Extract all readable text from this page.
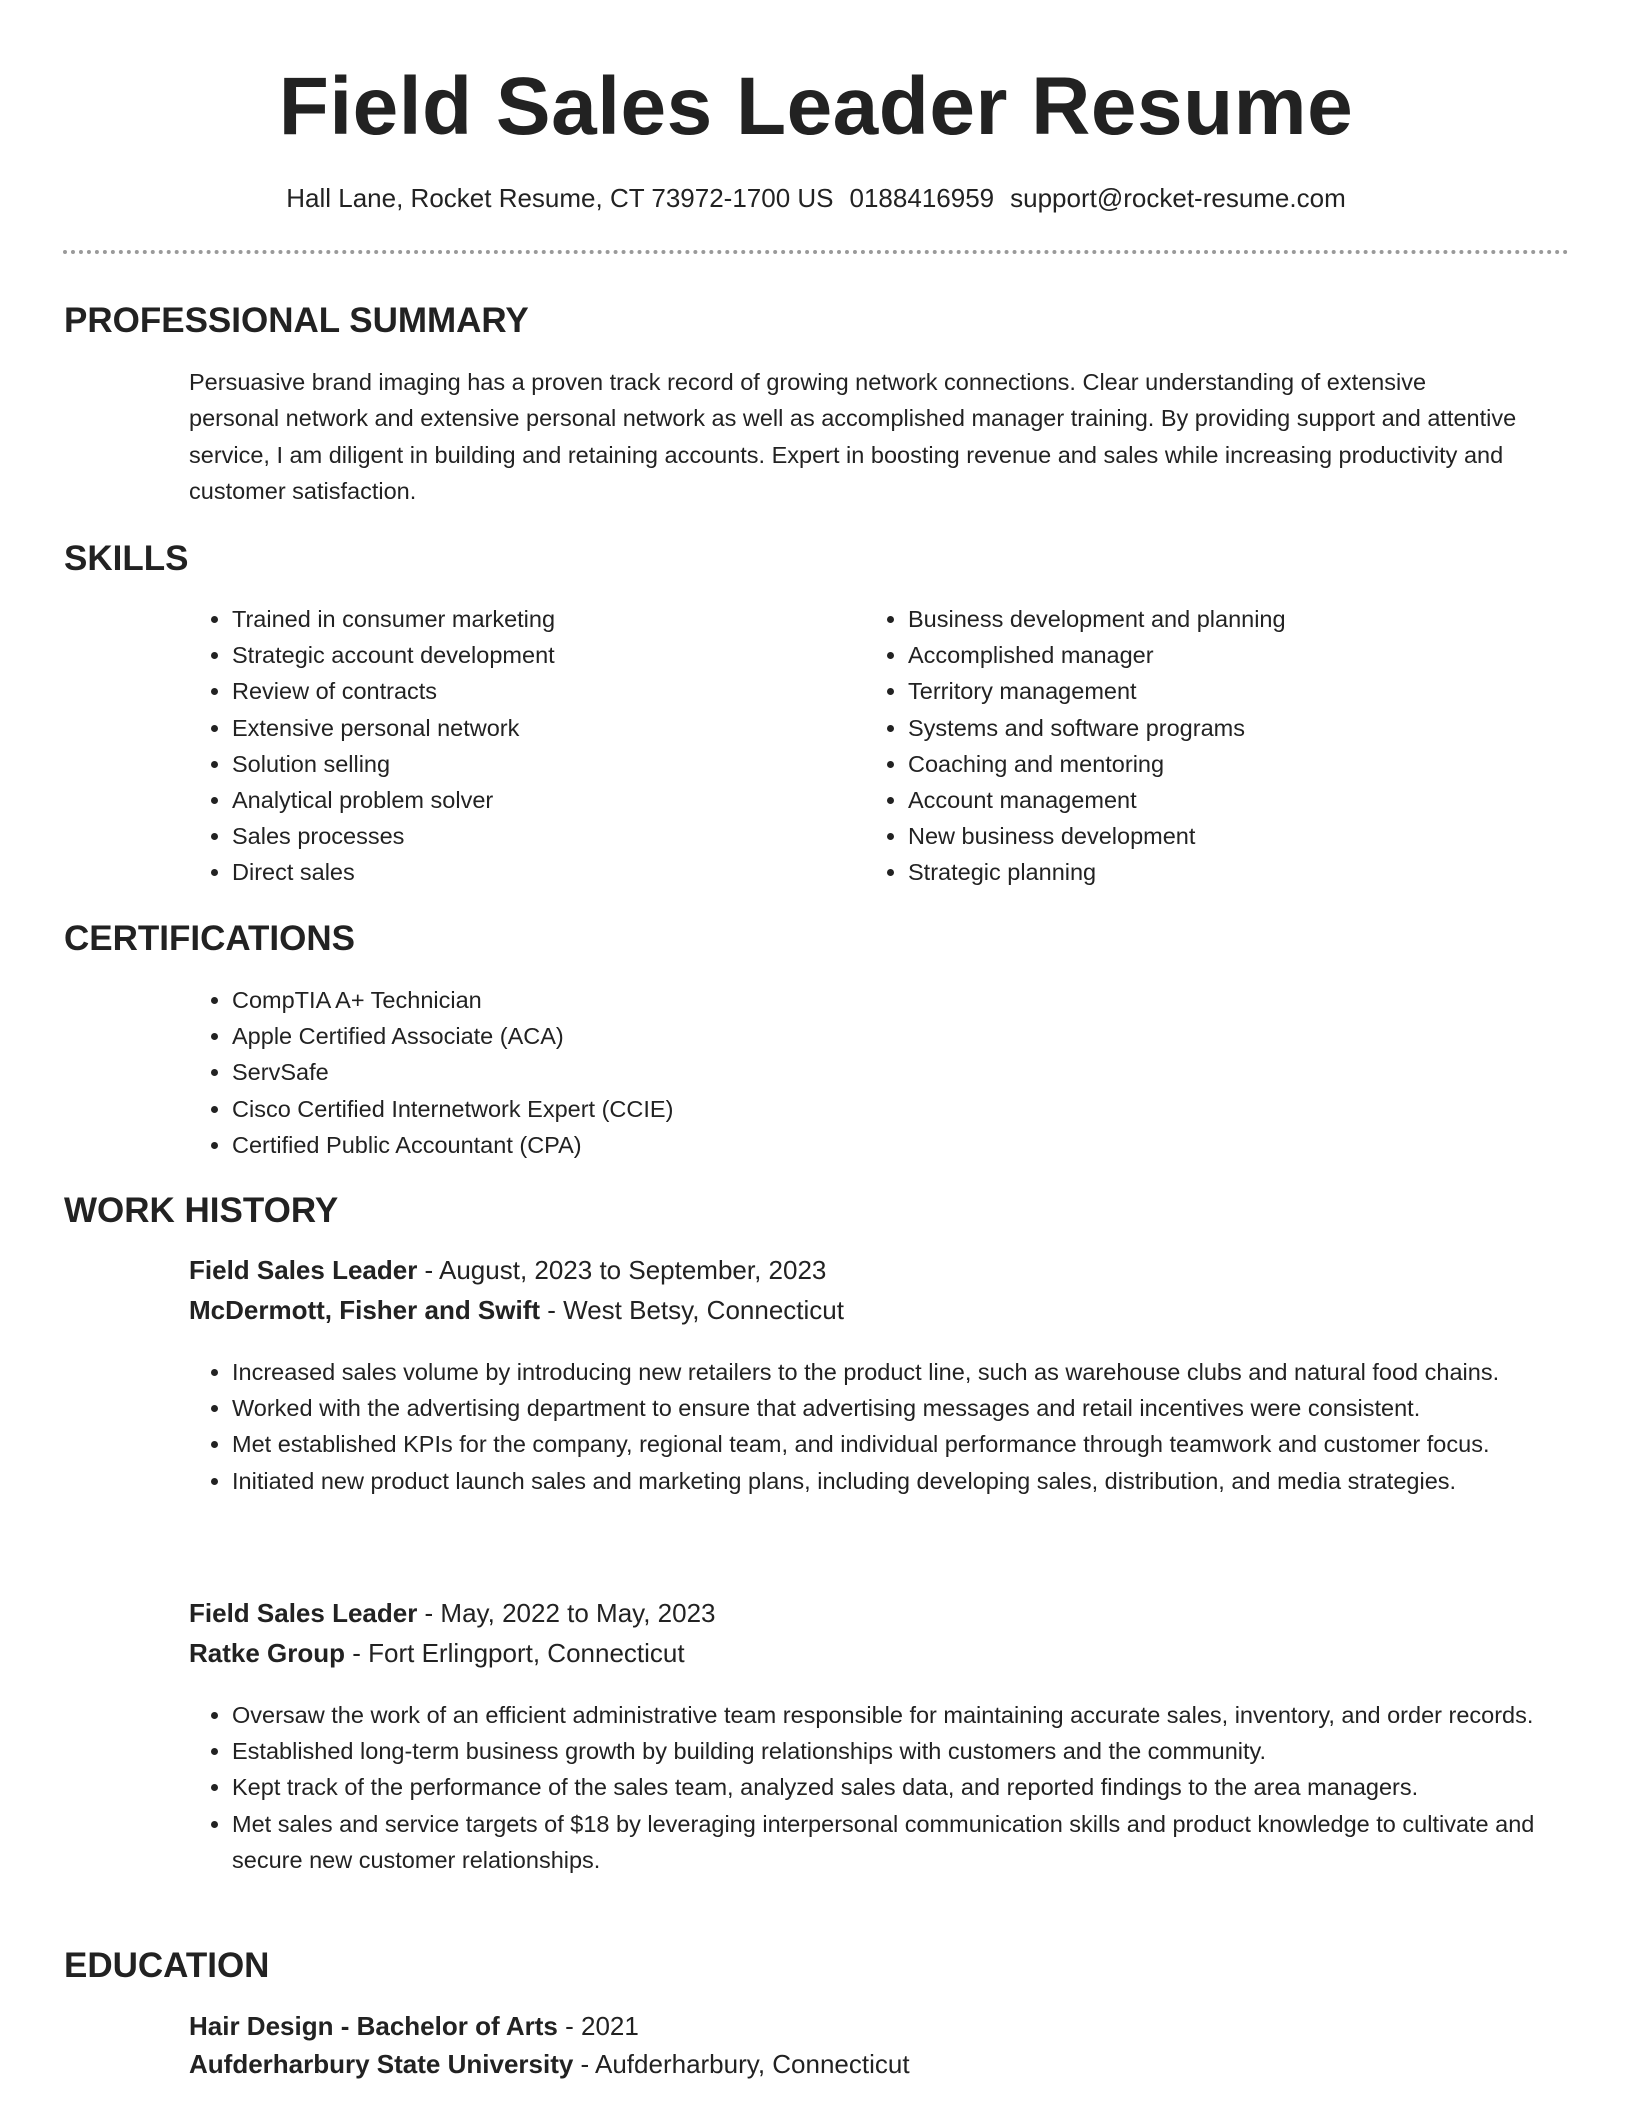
Field Sales Leader Resume
Hall Lane, Rocket Resume, CT 73972-1700 US 0188416959 support@rocket-resume.com
PROFESSIONAL SUMMARY

Persuasive brand imaging has a proven track record of growing network connections. Clear understanding of extensive personal network and extensive personal network as well as accomplished manager training. By providing support and attentive service, I am diligent in building and retaining accounts. Expert in boosting revenue and sales while increasing productivity and customer satisfaction.

SKILLS
• Trained in consumer marketing
• Strategic account development
• Review of contracts
• Extensive personal network
• Solution selling
• Analytical problem solver
• Sales processes
• Direct sales
• Business development and planning
• Accomplished manager
• Territory management
• Systems and software programs
• Coaching and mentoring
• Account management
• New business development
• Strategic planning
CERTIFICATIONS
• CompTIA A+ Technician
• Apple Certified Associate (ACA)
• ServSafe
• Cisco Certified Internetwork Expert (CCIE)
• Certified Public Accountant (CPA)
WORK HISTORY
Field Sales Leader - August, 2023 to September, 2023
McDermott, Fisher and Swift - West Betsy, Connecticut
• Increased sales volume by introducing new retailers to the product line, such as warehouse clubs and natural food chains.
• Worked with the advertising department to ensure that advertising messages and retail incentives were consistent.
• Met established KPIs for the company, regional team, and individual performance through teamwork and customer focus.
• Initiated new product launch sales and marketing plans, including developing sales, distribution, and media strategies.
Field Sales Leader - May, 2022 to May, 2023
Ratke Group - Fort Erlingport, Connecticut
• Oversaw the work of an efficient administrative team responsible for maintaining accurate sales, inventory, and order records.
• Established long-term business growth by building relationships with customers and the community.
• Kept track of the performance of the sales team, analyzed sales data, and reported findings to the area managers.
• Met sales and service targets of $18 by leveraging interpersonal communication skills and product knowledge to cultivate and secure new customer relationships.
EDUCATION
Hair Design - Bachelor of Arts - 2021
Aufderharbury State University - Aufderharbury, Connecticut
